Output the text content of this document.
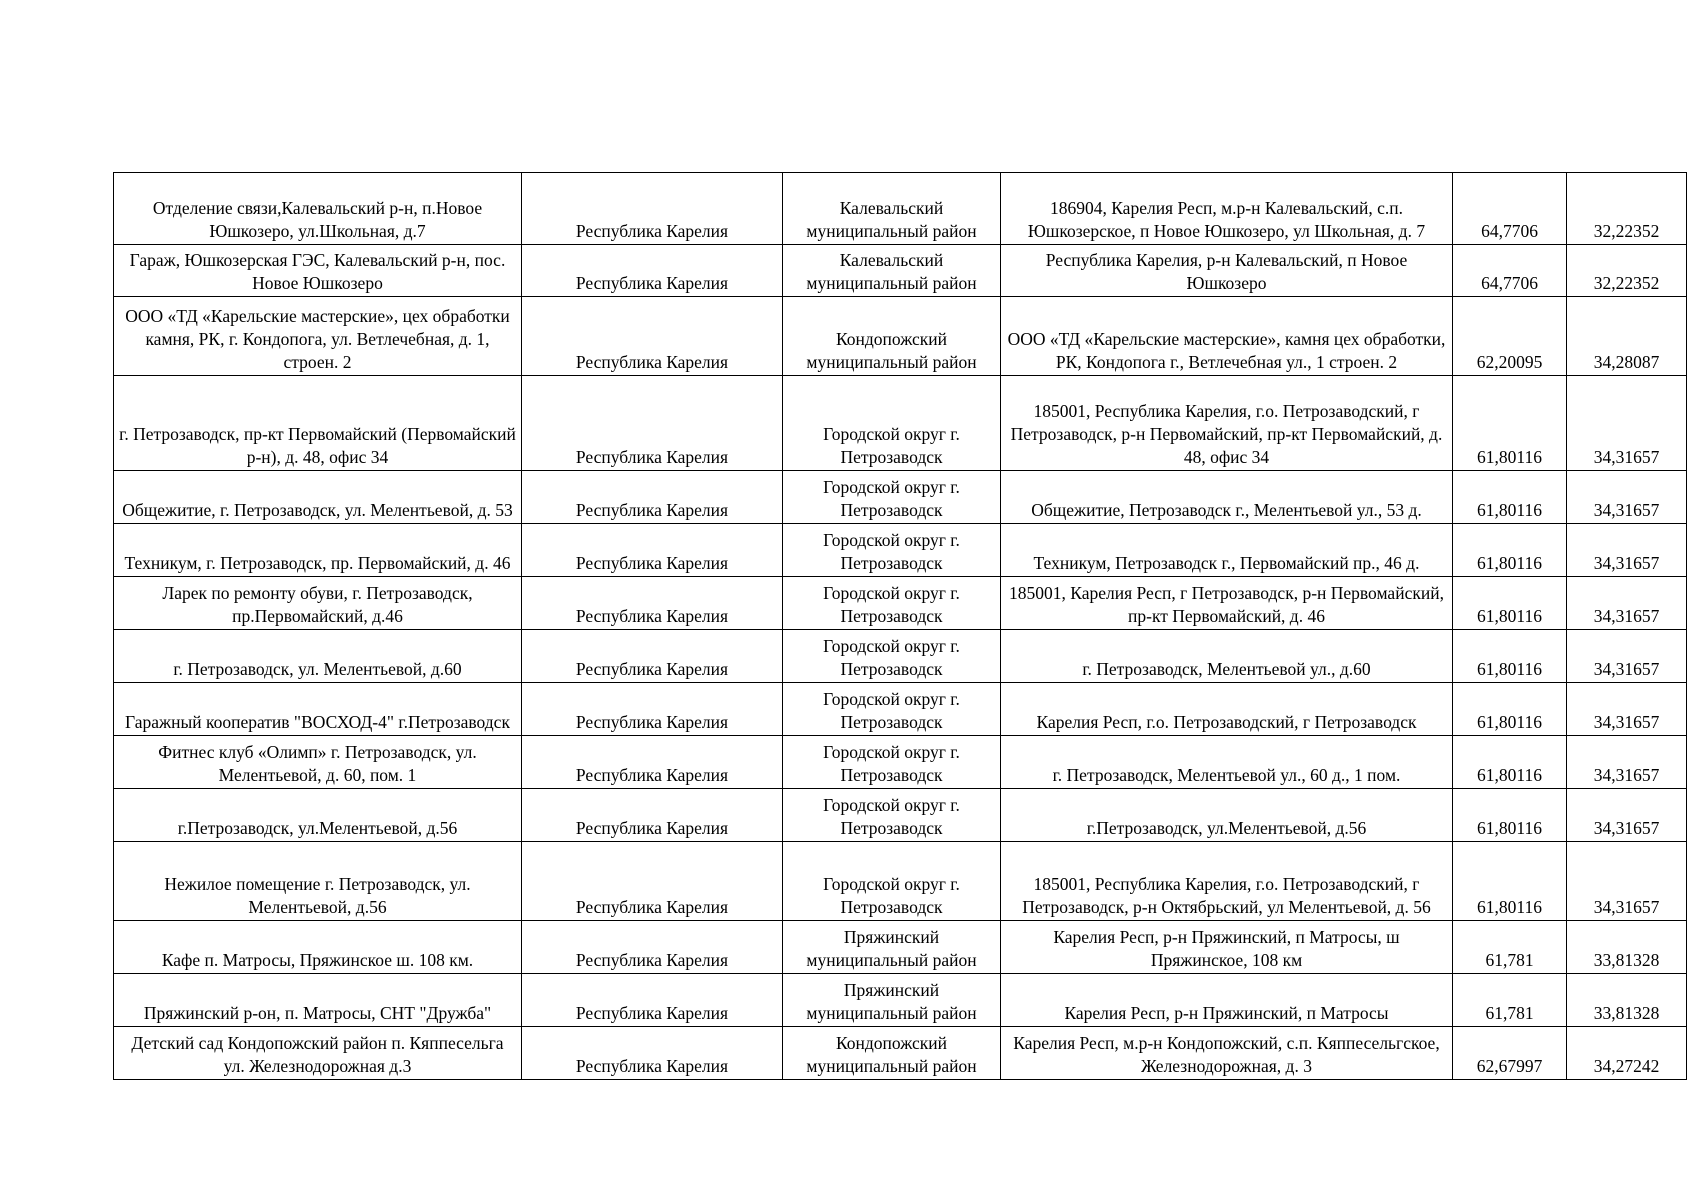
Отделение связи,Калевальский р-н, п.Новое Юшкозеро, ул.Школьная, д.7	Республика Карелия	Калевальский муниципальный район	186904, Карелия Респ, м.р-н Калевальский, с.п. Юшкозерское, п Новое Юшкозеро, ул Школьная, д. 7	64,7706	32,22352
Гараж, Юшкозерская ГЭС, Калевальский р-н, пос. Новое Юшкозеро	Республика Карелия	Калевальский муниципальный район	Республика Карелия, р-н Калевальский, п Новое Юшкозеро	64,7706	32,22352
ООО «ТД «Карельские мастерские», цех обработки камня, РК, г. Кондопога, ул. Ветлечебная, д. 1, строен. 2	Республика Карелия	Кондопожский муниципальный район	ООО «ТД «Карельские мастерские», камня цех обработки, РК, Кондопога г., Ветлечебная ул., 1 строен. 2	62,20095	34,28087
г. Петрозаводск, пр-кт Первомайский (Первомайский р-н), д. 48, офис 34	Республика Карелия	Городской округ г. Петрозаводск	185001, Республика Карелия, г.о. Петрозаводский, г Петрозаводск, р-н Первомайский, пр-кт Первомайский, д. 48, офис 34	61,80116	34,31657
Общежитие, г. Петрозаводск, ул. Мелентьевой, д. 53	Республика Карелия	Городской округ г. Петрозаводск	Общежитие, Петрозаводск г., Мелентьевой ул., 53 д.	61,80116	34,31657
Техникум, г. Петрозаводск, пр. Первомайский, д. 46	Республика Карелия	Городской округ г. Петрозаводск	Техникум, Петрозаводск г., Первомайский пр., 46 д.	61,80116	34,31657
Ларек по ремонту обуви, г. Петрозаводск, пр.Первомайский, д.46	Республика Карелия	Городской округ г. Петрозаводск	185001, Карелия Респ, г Петрозаводск, р-н Первомайский, пр-кт Первомайский, д. 46	61,80116	34,31657
г. Петрозаводск, ул. Мелентьевой, д.60	Республика Карелия	Городской округ г. Петрозаводск	г. Петрозаводск, Мелентьевой ул., д.60	61,80116	34,31657
Гаражный кооператив "ВОСХОД-4" г.Петрозаводск	Республика Карелия	Городской округ г. Петрозаводск	Карелия Респ, г.о. Петрозаводский, г Петрозаводск	61,80116	34,31657
Фитнес клуб «Олимп» г. Петрозаводск, ул. Мелентьевой, д. 60, пом. 1	Республика Карелия	Городской округ г. Петрозаводск	г. Петрозаводск, Мелентьевой ул., 60 д., 1 пом.	61,80116	34,31657
г.Петрозаводск, ул.Мелентьевой, д.56	Республика Карелия	Городской округ г. Петрозаводск	г.Петрозаводск, ул.Мелентьевой, д.56	61,80116	34,31657
Нежилое помещение г. Петрозаводск, ул. Мелентьевой, д.56	Республика Карелия	Городской округ г. Петрозаводск	185001, Республика Карелия, г.о. Петрозаводский, г Петрозаводск, р-н Октябрьский, ул Мелентьевой, д. 56	61,80116	34,31657
Кафе п. Матросы, Пряжинское ш. 108 км.	Республика Карелия	Пряжинский муниципальный район	Карелия Респ, р-н Пряжинский, п Матросы, ш Пряжинское, 108 км	61,781	33,81328
Пряжинский р-он, п. Матросы, СНТ "Дружба"	Республика Карелия	Пряжинский муниципальный район	Карелия Респ, р-н Пряжинский, п Матросы	61,781	33,81328
Детский сад Кондопожский район п. Кяппесельга ул. Железнодорожная д.3	Республика Карелия	Кондопожский муниципальный район	Карелия Респ, м.р-н Кондопожский, с.п. Кяппесельгское, Железнодорожная, д. 3	62,67997	34,27242
